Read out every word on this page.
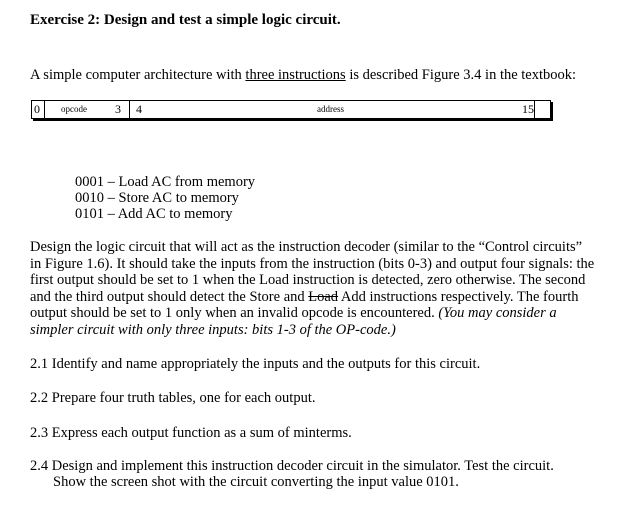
Exercise 2: Design and test a simple logic circuit.
A simple computer architecture with three instructions is described Figure 3.4 in the textbook:
0 opcode 3 4	address	15
0001 – Load AC from memory
0010 – Store AC to memory
0101 – Add AC to memory
Design the logic circuit that will act as the instruction decoder (similar to the “Control circuits”
in Figure 1.6). It should take the inputs from the instruction (bits 0-3) and output four signals: the
first output should be set to 1 when the Load instruction is detected, zero otherwise. The second
and the third output should detect the Store and Load Add instructions respectively. The fourth
output should be set to 1 only when an invalid opcode is encountered. (You may consider a
simpler circuit with only three inputs: bits 1-3 of the OP-code.)
2.1 Identify and name appropriately the inputs and the outputs for this circuit.
2.2 Prepare four truth tables, one for each output.
2.3 Express each output function as a sum of minterms.
2.4 Design and implement this instruction decoder circuit in the simulator. Test the circuit.
Show the screen shot with the circuit converting the input value 0101.
